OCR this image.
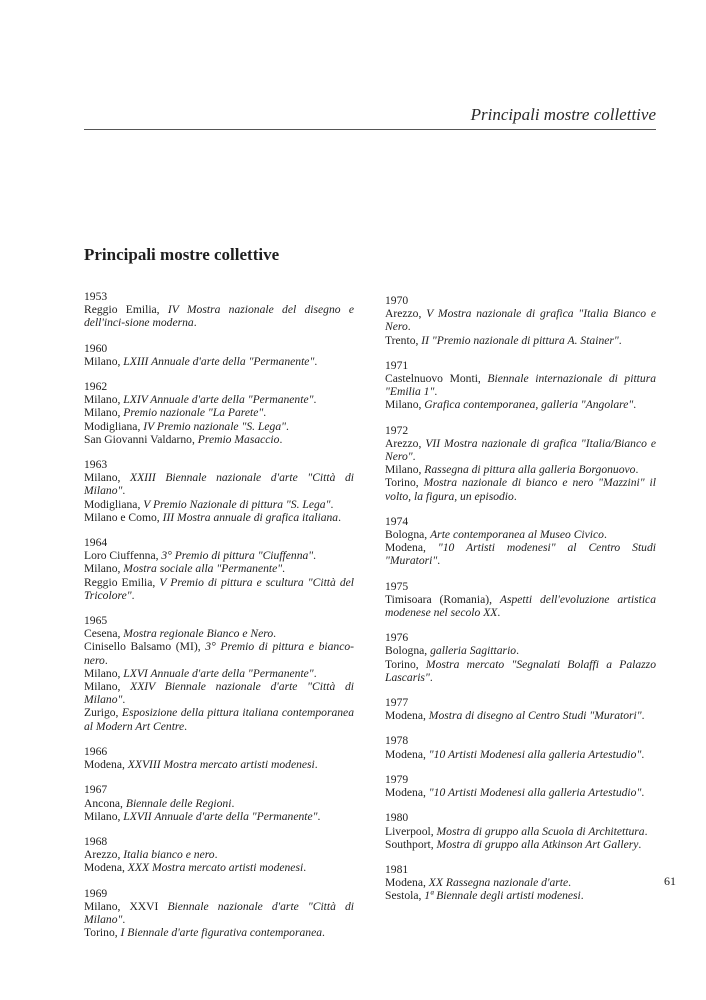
Principali mostre collettive
Principali mostre collettive
1953

Reggio Emilia, IV Mostra nazionale del disegno e dell'inci-sione moderna.

1960

Milano, LXIII Annuale d'arte della "Permanente".

1962

Milano, LXIV Annuale d'arte della "Permanente".

Milano, Premio nazionale "La Parete".

Modigliana, IV Premio nazionale "S. Lega".

San Giovanni Valdarno, Premio Masaccio.

1963

Milano, XXIII Biennale nazionale d'arte "Città di Milano".

Modigliana, V Premio Nazionale di pittura "S. Lega".

Milano e Como, III Mostra annuale di grafica italiana.

1964

Loro Ciuffenna, 3° Premio di pittura "Ciuffenna".

Milano, Mostra sociale alla "Permanente".

Reggio Emilia, V Premio di pittura e scultura "Città del Tricolore".

1965

Cesena, Mostra regionale Bianco e Nero.

Cinisello Balsamo (MI), 3° Premio di pittura e bianco-nero.

Milano, LXVI Annuale d'arte della "Permanente".

Milano, XXIV Biennale nazionale d'arte "Città di Milano".

Zurigo, Esposizione della pittura italiana contemporanea al Modern Art Centre.

1966

Modena, XXVIII Mostra mercato artisti modenesi.

1967

Ancona, Biennale delle Regioni.

Milano, LXVII Annuale d'arte della "Permanente".

1968

Arezzo, Italia bianco e nero.

Modena, XXX Mostra mercato artisti modenesi.

1969

Milano, XXVI Biennale nazionale d'arte "Città di Milano".

Torino, I Biennale d'arte figurativa contemporanea.

1970

Arezzo, V Mostra nazionale di grafica "Italia Bianco e Nero.

Trento, II "Premio nazionale di pittura A. Stainer".

1971

Castelnuovo Monti, Biennale internazionale di pittura "Emilia 1".

Milano, Grafica contemporanea, galleria "Angolare".

1972

Arezzo, VII Mostra nazionale di grafica "Italia/Bianco e Nero".

Milano, Rassegna di pittura alla galleria Borgonuovo.

Torino, Mostra nazionale di bianco e nero "Mazzini" il volto, la figura, un episodio.

1974

Bologna, Arte contemporanea al Museo Civico.

Modena, "10 Artisti modenesi" al Centro Studi "Muratori".

1975

Timisoara (Romania), Aspetti dell'evoluzione artistica modenese nel secolo XX.

1976

Bologna, galleria Sagittario.

Torino, Mostra mercato "Segnalati Bolaffi a Palazzo Lascaris".

1977

Modena, Mostra di disegno al Centro Studi "Muratori".

1978

Modena, "10 Artisti Modenesi alla galleria Artestudio".

1979

Modena, "10 Artisti Modenesi alla galleria Artestudio".

1980

Liverpool, Mostra di gruppo alla Scuola di Architettura.

Southport, Mostra di gruppo alla Atkinson Art Gallery.

1981

Modena, XX Rassegna nazionale d'arte.

Sestola, 1ª Biennale degli artisti modenesi.

61
